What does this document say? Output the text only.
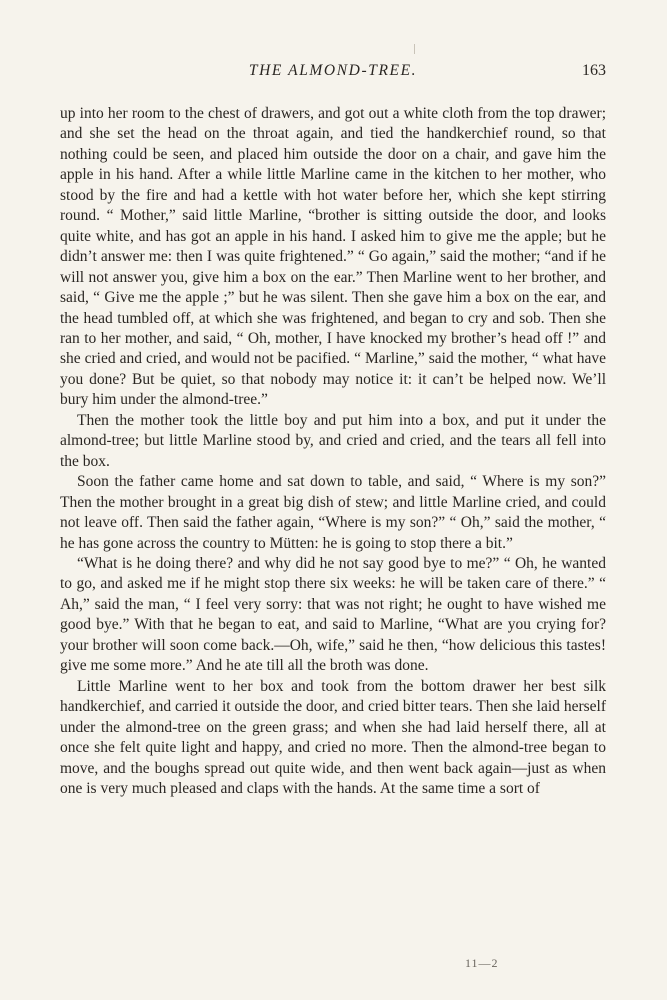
THE ALMOND-TREE.	163

up into her room to the chest of drawers, and got out a white cloth from the top drawer; and she set the head on the throat again, and tied the handkerchief round, so that nothing could be seen, and placed him outside the door on a chair, and gave him the apple in his hand. After a while little Marline came in the kitchen to her mother, who stood by the fire and had a kettle with hot water before her, which she kept stirring round. “ Mother,” said little Marline, “brother is sitting outside the door, and looks quite white, and has got an apple in his hand. I asked him to give me the apple; but he didn’t answer me: then I was quite frightened.” “ Go again,” said the mother; “and if he will not answer you, give him a box on the ear.” Then Marline went to her brother, and said, “ Give me the apple ;” but he was silent. Then she gave him a box on the ear, and the head tumbled off, at which she was frightened, and began to cry and sob. Then she ran to her mother, and said, “ Oh, mother, I have knocked my brother’s head off !” and she cried and cried, and would not be pacified. “ Marline,” said the mother, “ what have you done? But be quiet, so that nobody may notice it: it can’t be helped now. We’ll bury him under the almond-tree.”

Then the mother took the little boy and put him into a box, and put it under the almond-tree; but little Marline stood by, and cried and cried, and the tears all fell into the box.

Soon the father came home and sat down to table, and said, “ Where is my son?” Then the mother brought in a great big dish of stew; and little Marline cried, and could not leave off. Then said the father again, “Where is my son?” “ Oh,” said the mother, “ he has gone across the country to Mütten: he is going to stop there a bit.”

“What is he doing there? and why did he not say good bye to me?” “ Oh, he wanted to go, and asked me if he might stop there six weeks: he will be taken care of there.” “ Ah,” said the man, “ I feel very sorry: that was not right; he ought to have wished me good bye.” With that he began to eat, and said to Marline, “What are you crying for? your brother will soon come back.—Oh, wife,” said he then, “how delicious this tastes! give me some more.” And he ate till all the broth was done.

Little Marline went to her box and took from the bottom drawer her best silk handkerchief, and carried it outside the door, and cried bitter tears. Then she laid herself under the almond-tree on the green grass; and when she had laid herself there, all at once she felt quite light and happy, and cried no more. Then the almond-tree began to move, and the boughs spread out quite wide, and then went back again—just as when one is very much pleased and claps with the hands. At the same time a sort of

11—2
